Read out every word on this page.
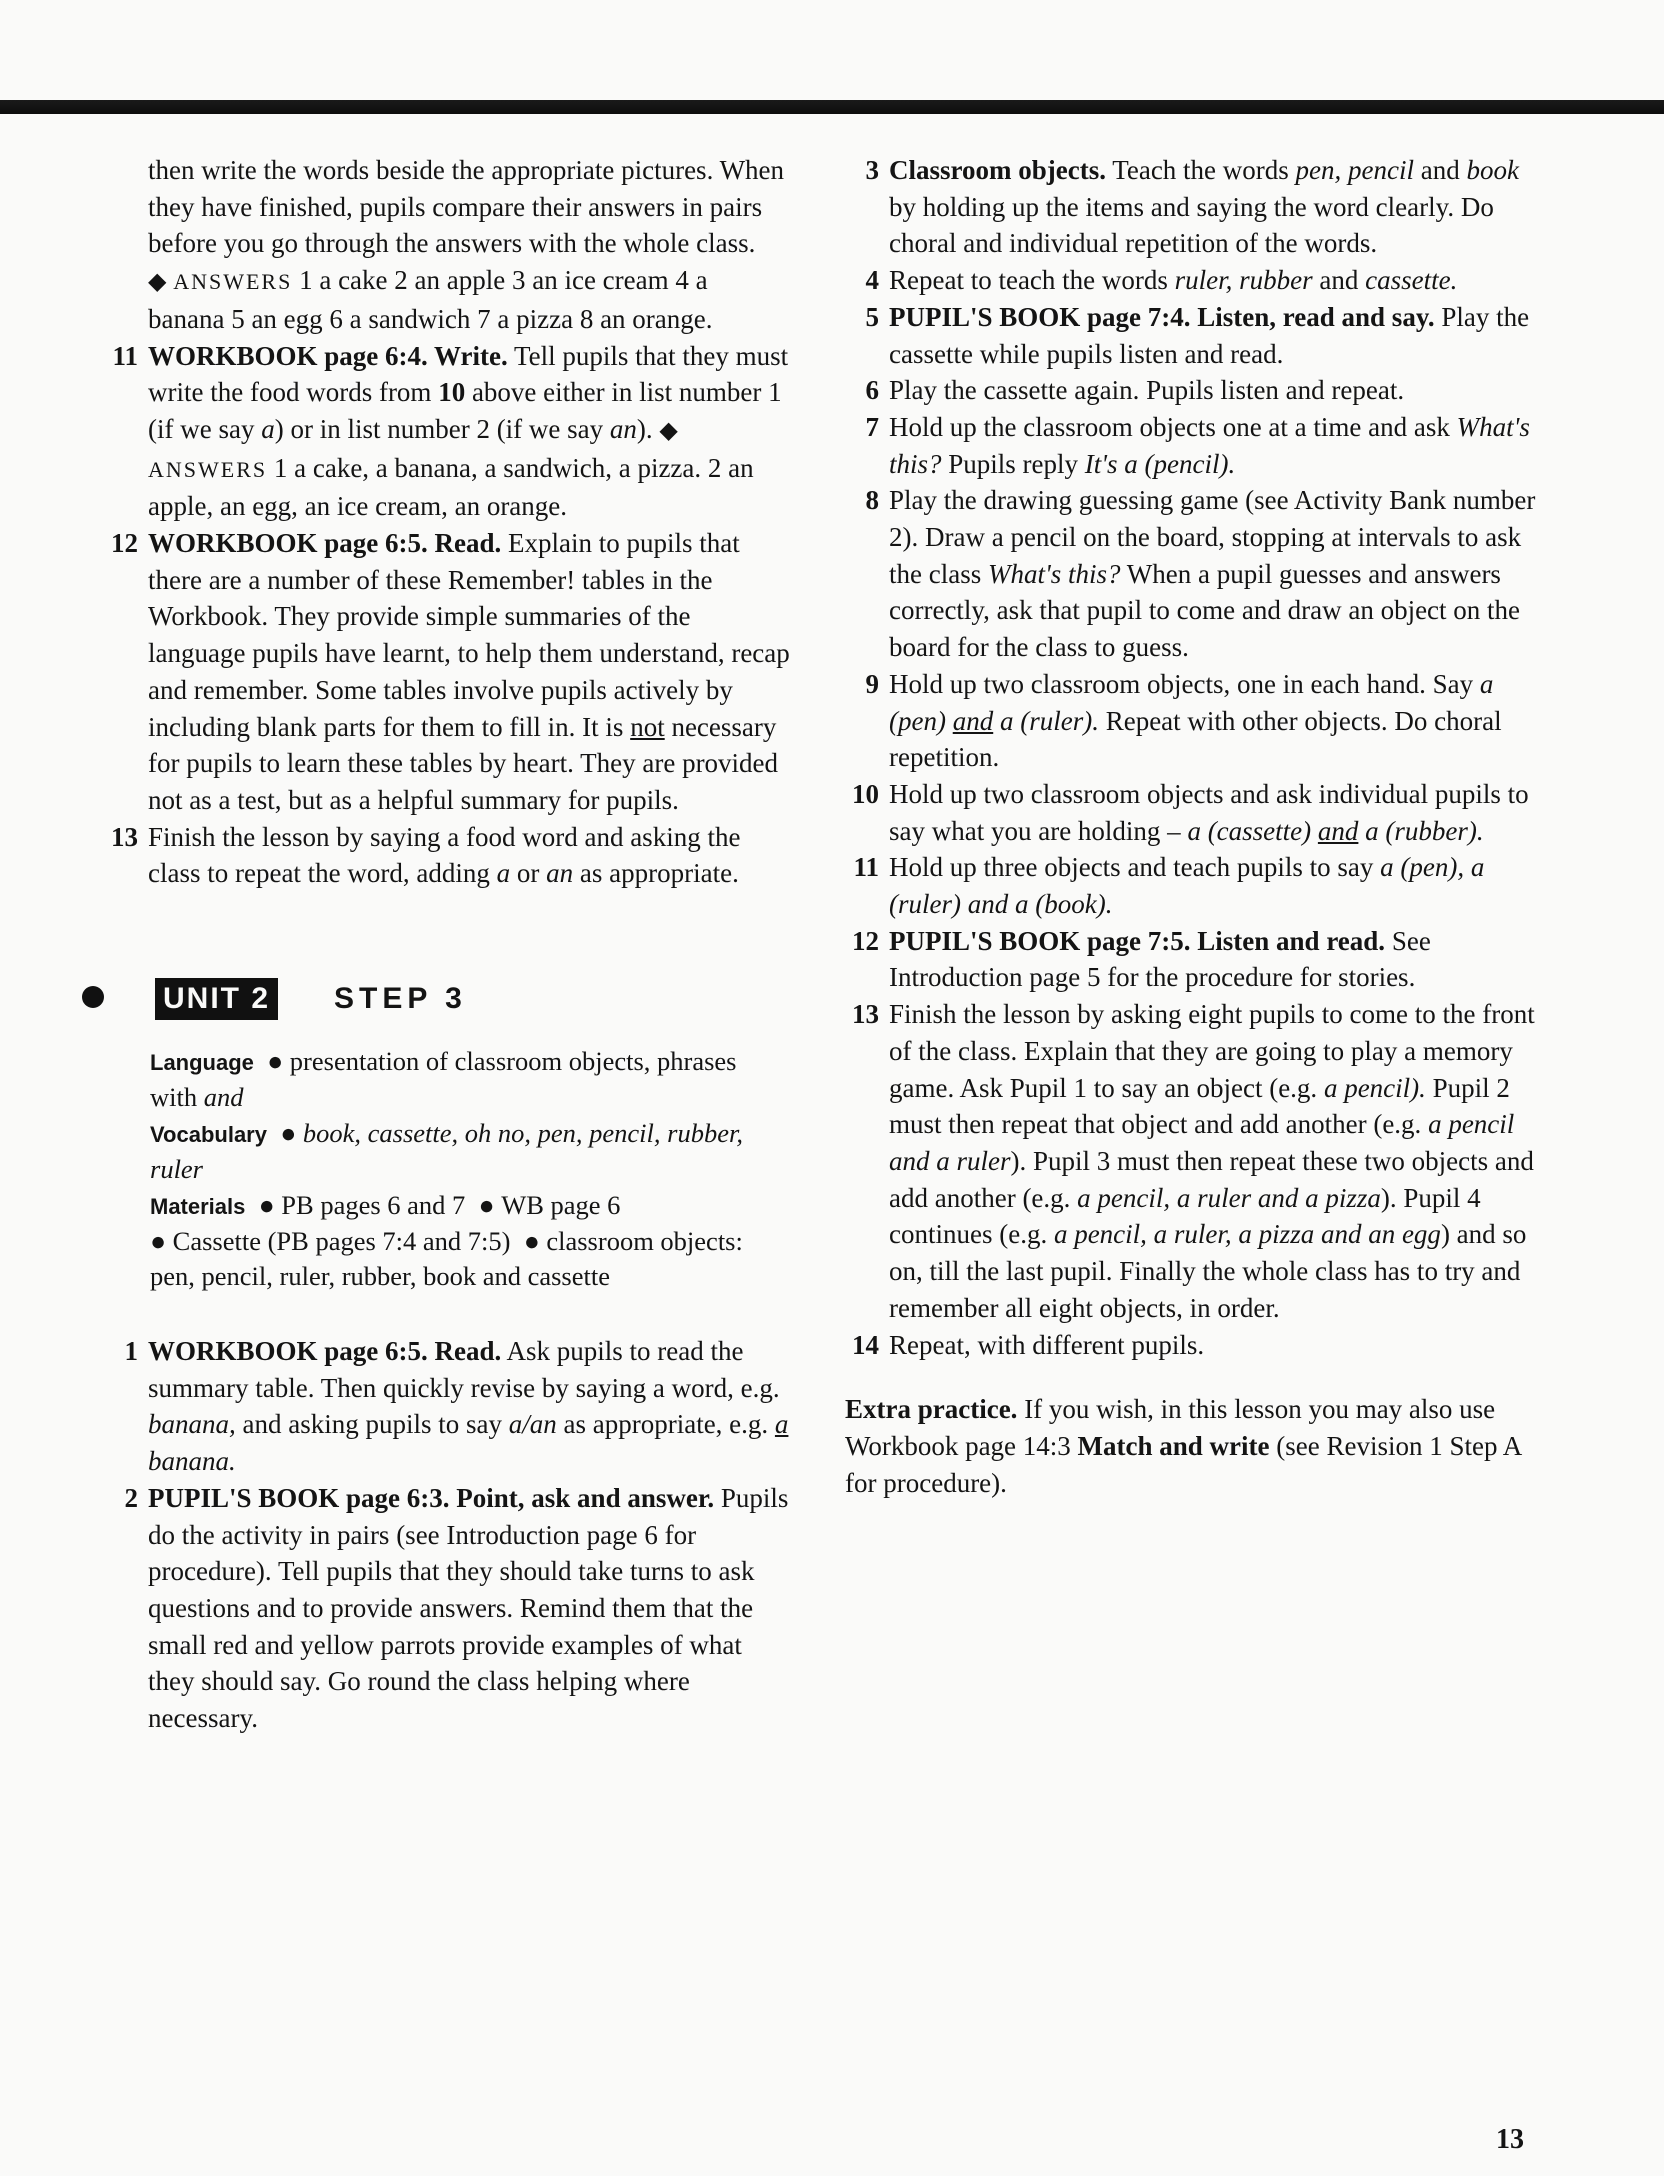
then write the words beside the appropriate pictures. When they have finished, pupils compare their answers in pairs before you go through the answers with the whole class.
◆ ANSWERS 1 a cake 2 an apple 3 an ice cream 4 a banana 5 an egg 6 a sandwich 7 a pizza 8 an orange.
11 WORKBOOK page 6:4. Write. Tell pupils that they must write the food words from 10 above either in list number 1 (if we say a) or in list number 2 (if we say an). ◆ ANSWERS 1 a cake, a banana, a sandwich, a pizza. 2 an apple, an egg, an ice cream, an orange.
12 WORKBOOK page 6:5. Read. Explain to pupils that there are a number of these Remember! tables in the Workbook. They provide simple summaries of the language pupils have learnt, to help them understand, recap and remember. Some tables involve pupils actively by including blank parts for them to fill in. It is not necessary for pupils to learn these tables by heart. They are provided not as a test, but as a helpful summary for pupils.
13 Finish the lesson by saying a food word and asking the class to repeat the word, adding a or an as appropriate.
UNIT 2 STEP 3
Language  ● presentation of classroom objects, phrases with and
Vocabulary  ● book, cassette, oh no, pen, pencil, rubber, ruler
Materials  ● PB pages 6 and 7  ● WB page 6
● Cassette (PB pages 7:4 and 7:5)  ● classroom objects: pen, pencil, ruler, rubber, book and cassette
1 WORKBOOK page 6:5. Read. Ask pupils to read the summary table. Then quickly revise by saying a word, e.g. banana, and asking pupils to say a/an as appropriate, e.g. a banana.
2 PUPIL'S BOOK page 6:3. Point, ask and answer. Pupils do the activity in pairs (see Introduction page 6 for procedure). Tell pupils that they should take turns to ask questions and to provide answers. Remind them that the small red and yellow parrots provide examples of what they should say. Go round the class helping where necessary.
3 Classroom objects. Teach the words pen, pencil and book by holding up the items and saying the word clearly. Do choral and individual repetition of the words.
4 Repeat to teach the words ruler, rubber and cassette.
5 PUPIL'S BOOK page 7:4. Listen, read and say. Play the cassette while pupils listen and read.
6 Play the cassette again. Pupils listen and repeat.
7 Hold up the classroom objects one at a time and ask What's this? Pupils reply It's a (pencil).
8 Play the drawing guessing game (see Activity Bank number 2). Draw a pencil on the board, stopping at intervals to ask the class What's this? When a pupil guesses and answers correctly, ask that pupil to come and draw an object on the board for the class to guess.
9 Hold up two classroom objects, one in each hand. Say a (pen) and a (ruler). Repeat with other objects. Do choral repetition.
10 Hold up two classroom objects and ask individual pupils to say what you are holding – a (cassette) and a (rubber).
11 Hold up three objects and teach pupils to say a (pen), a (ruler) and a (book).
12 PUPIL'S BOOK page 7:5. Listen and read. See Introduction page 5 for the procedure for stories.
13 Finish the lesson by asking eight pupils to come to the front of the class. Explain that they are going to play a memory game. Ask Pupil 1 to say an object (e.g. a pencil). Pupil 2 must then repeat that object and add another (e.g. a pencil and a ruler). Pupil 3 must then repeat these two objects and add another (e.g. a pencil, a ruler and a pizza). Pupil 4 continues (e.g. a pencil, a ruler, a pizza and an egg) and so on, till the last pupil. Finally the whole class has to try and remember all eight objects, in order.
14 Repeat, with different pupils.
Extra practice. If you wish, in this lesson you may also use Workbook page 14:3 Match and write (see Revision 1 Step A for procedure).
13
